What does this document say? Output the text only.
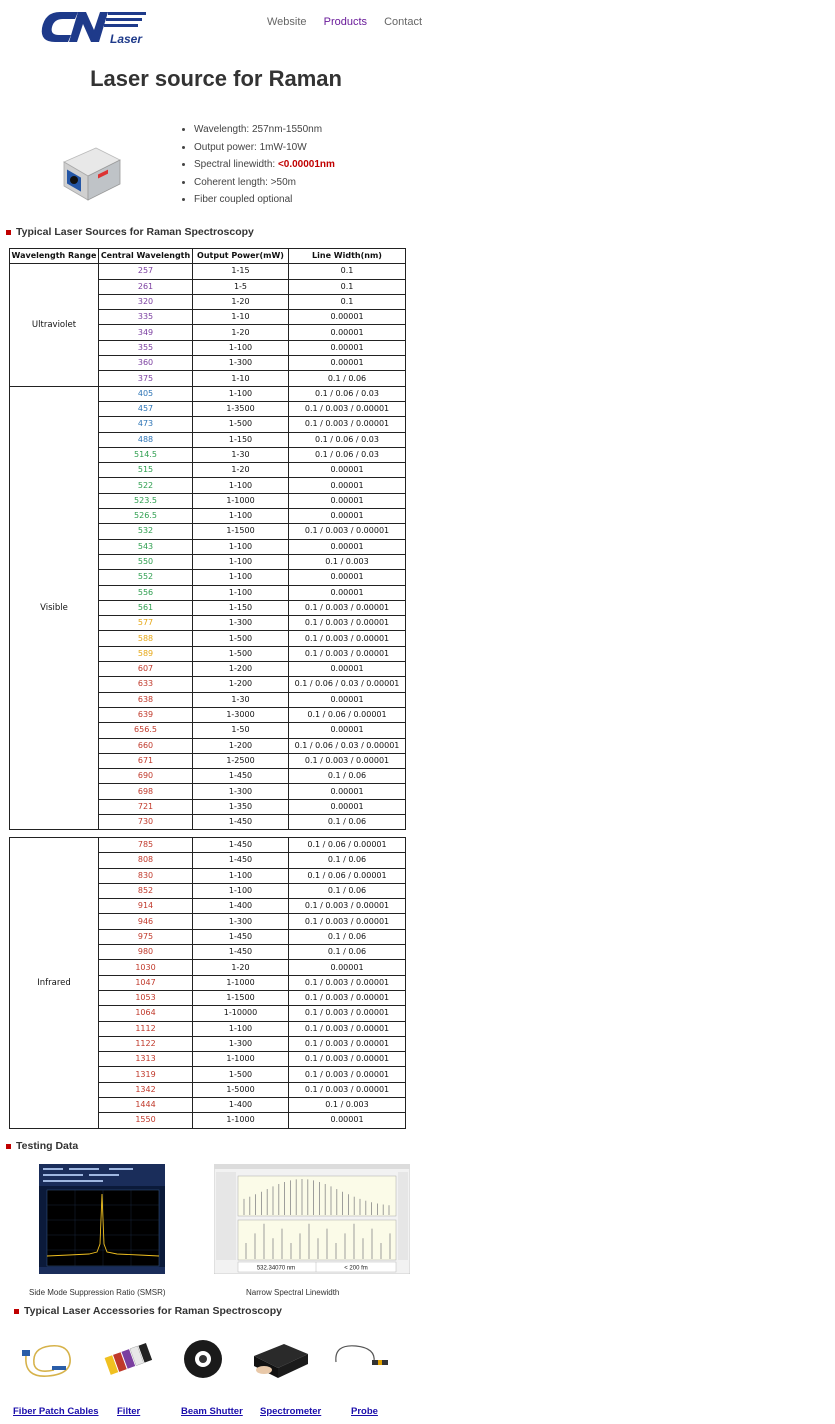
Laser
Website Products Contact
Laser source for Raman
• Wavelength: 257nm-1550nm
• Output power: 1mW-10W
• Spectral linewidth: <0.00001nm
• Coherent length: >50m
• Fiber coupled optional
Typical Laser Sources for Raman Spectroscopy
Wavelength Range	Central Wavelength	Output Power(mW)	Line Width(nm)
Ultraviolet	257	1-15	0.1
	261	1-5	0.1
	320	1-20	0.1
	335	1-10	0.00001
	349	1-20	0.00001
	355	1-100	0.00001
	360	1-300	0.00001
	375	1-10	0.1 / 0.06
Visible	405	1-100	0.1 / 0.06 / 0.03
	457	1-3500	0.1 / 0.003 / 0.00001
	473	1-500	0.1 / 0.003 / 0.00001
	488	1-150	0.1 / 0.06 / 0.03
	514.5	1-30	0.1 / 0.06 / 0.03
	515	1-20	0.00001
	522	1-100	0.00001
	523.5	1-1000	0.00001
	526.5	1-100	0.00001
	532	1-1500	0.1 / 0.003 / 0.00001
	543	1-100	0.00001
	550	1-100	0.1 / 0.003
	552	1-100	0.00001
	556	1-100	0.00001
	561	1-150	0.1 / 0.003 / 0.00001
	577	1-300	0.1 / 0.003 / 0.00001
	588	1-500	0.1 / 0.003 / 0.00001
	589	1-500	0.1 / 0.003 / 0.00001
	607	1-200	0.00001
	633	1-200	0.1 / 0.06 / 0.03 / 0.00001
	638	1-30	0.00001
	639	1-3000	0.1 / 0.06 / 0.00001
	656.5	1-50	0.00001
	660	1-200	0.1 / 0.06 / 0.03 / 0.00001
	671	1-2500	0.1 / 0.003 / 0.00001
	690	1-450	0.1 / 0.06
	698	1-300	0.00001
	721	1-350	0.00001
	730	1-450	0.1 / 0.06
Infrared	785	1-450	0.1 / 0.06 / 0.00001
	808	1-450	0.1 / 0.06
	830	1-100	0.1 / 0.06 / 0.00001
	852	1-100	0.1 / 0.06
	914	1-400	0.1 / 0.003 / 0.00001
	946	1-300	0.1 / 0.003 / 0.00001
	975	1-450	0.1 / 0.06
	980	1-450	0.1 / 0.06
	1030	1-20	0.00001
	1047	1-1000	0.1 / 0.003 / 0.00001
	1053	1-1500	0.1 / 0.003 / 0.00001
	1064	1-10000	0.1 / 0.003 / 0.00001
	1112	1-100	0.1 / 0.003 / 0.00001
	1122	1-300	0.1 / 0.003 / 0.00001
	1313	1-1000	0.1 / 0.003 / 0.00001
	1319	1-500	0.1 / 0.003 / 0.00001
	1342	1-5000	0.1 / 0.003 / 0.00001
	1444	1-400	0.1 / 0.003
	1550	1-1000	0.00001
Testing Data
532.34070 nm	< 200 fm
Side Mode Suppression Ratio (SMSR)	Narrow Spectral Linewidth
Typical Laser Accessories for Raman Spectroscopy
Fiber Patch Cables Filter	Beam Shutter Spectrometer	Probe
